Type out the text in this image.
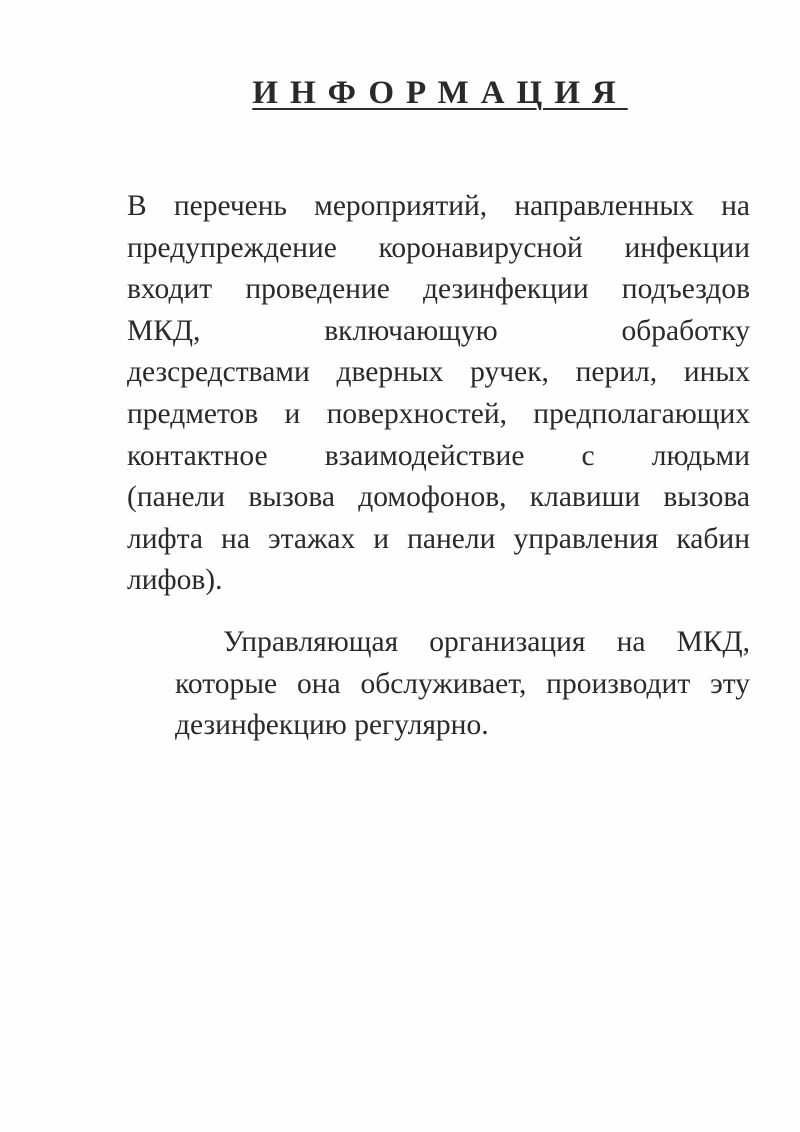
ИНФОРМАЦИЯ
В перечень мероприятий, направленных на
предупреждение коронавирусной инфекции
входит проведение дезинфекции подъездов
МКД, включающую обработку
дезсредствами дверных ручек, перил, иных
предметов и поверхностей, предполагающих
контактное взаимодействие с людьми
(панели вызова домофонов, клавиши вызова
лифта на этажах и панели управления кабин
лифов).
Управляющая организация на МКД,
которые она обслуживает, производит эту
дезинфекцию регулярно.
